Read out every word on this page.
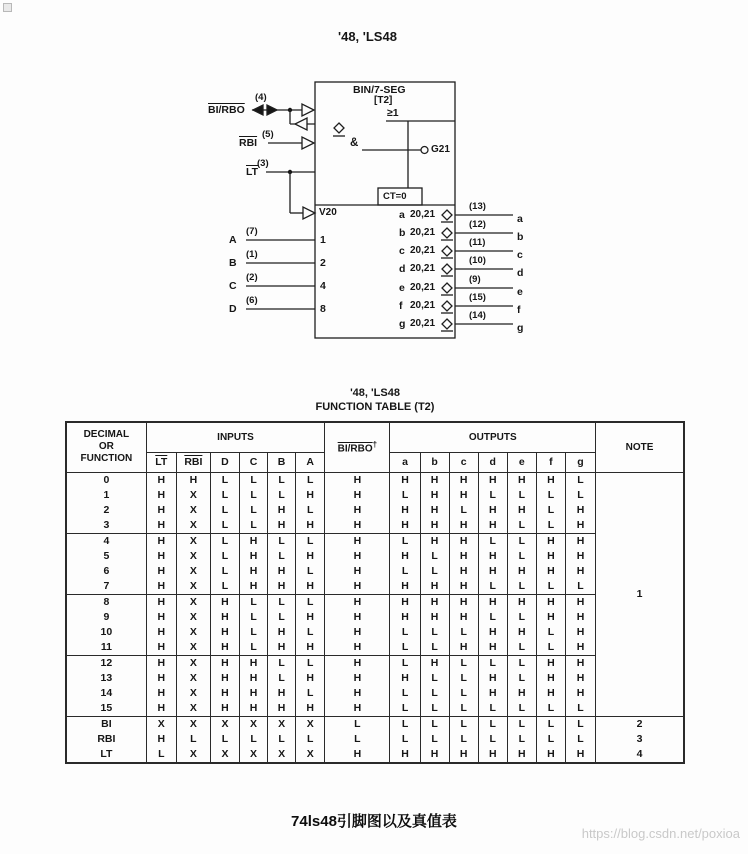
'48, 'LS48
BIN/7-SEG
[T2]
≥1
&
G21
CT=0
V20
BI/RBO
(4)
$\overline{RBI}$
(5)
$\overline{LT}$
(3)
A
(7)
1
B
(1)
2
C
(2)
4
D
(6)
8
a 20,21
(13)
a
b 20,21
(12)
b
c 20,21
(11)
c
d 20,21
(10)
d
e 20,21
(9)
e
f 20,21
(15)
f
g 20,21
(14)
g
'48, 'LS48
FUNCTION TABLE (T2)
DECIMAL
OR
FUNCTION	INPUTS						BI/RBO†	OUTPUTS							NOTE
	$\overline{LT}$	$\overline{RBI}$	D	C	B	A		a	b	c	d	e	f	g	
0	H	H	L	L	L	L	H	H	H	H	H	H	H	L	1
1	H	X	L	L	L	H	H	L	H	H	L	L	L	L	
2	H	X	L	L	H	L	H	H	H	L	H	H	L	H	
3	H	X	L	L	H	H	H	H	H	H	H	L	L	H	
4	H	X	L	H	L	L	H	L	H	H	L	L	H	H	
5	H	X	L	H	L	H	H	H	L	H	H	L	H	H	
6	H	X	L	H	H	L	H	L	L	H	H	H	H	H	
7	H	X	L	H	H	H	H	H	H	H	L	L	L	L	
8	H	X	H	L	L	L	H	H	H	H	H	H	H	H	
9	H	X	H	L	L	H	H	H	H	H	L	L	H	H	
10	H	X	H	L	H	L	H	L	L	L	H	H	L	H	
11	H	X	H	L	H	H	H	L	L	H	H	L	L	H	
12	H	X	H	H	L	L	H	L	H	L	L	L	H	H	
13	H	X	H	H	L	H	H	H	L	L	H	L	H	H	
14	H	X	H	H	H	L	H	L	L	L	H	H	H	H	
15	H	X	H	H	H	H	H	L	L	L	L	L	L	L	
BI	X	X	X	X	X	X	L	L	L	L	L	L	L	L	2
RBI	H	L	L	L	L	L	L	L	L	L	L	L	L	L	3
LT	L	X	X	X	X	X	H	H	H	H	H	H	H	H	4
74ls48引脚图以及真值表
https://blog.csdn.net/poxioa
